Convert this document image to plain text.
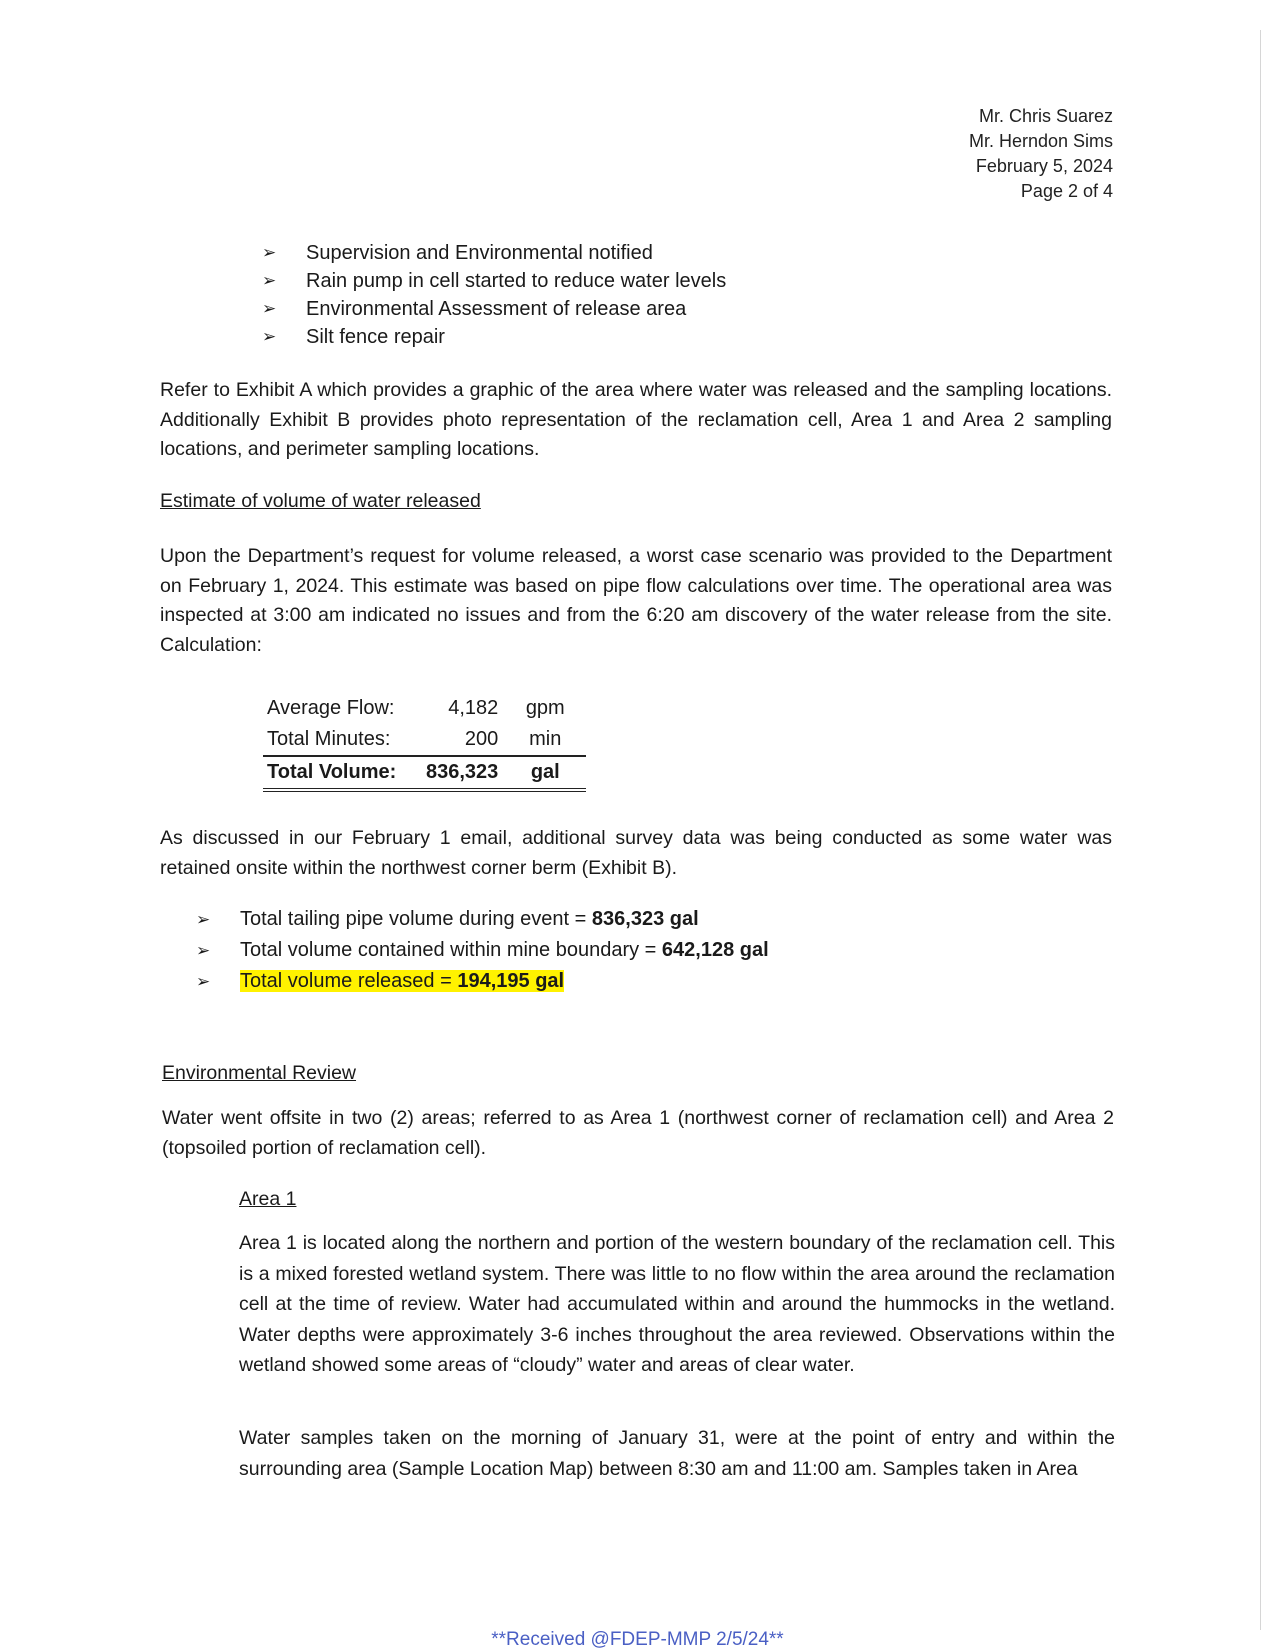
Mr. Chris Suarez
Mr. Herndon Sims
February 5, 2024
Page 2 of 4
➢ Supervision and Environmental notified
➢ Rain pump in cell started to reduce water levels
➢ Environmental Assessment of release area
➢ Silt fence repair

Refer to Exhibit A which provides a graphic of the area where water was released and the sampling locations. Additionally Exhibit B provides photo representation of the reclamation cell, Area 1 and Area 2 sampling locations, and perimeter sampling locations.

Estimate of volume of water released

Upon the Department’s request for volume released, a worst case scenario was provided to the Department on February 1, 2024. This estimate was based on pipe flow calculations over time. The operational area was inspected at 3:00 am indicated no issues and from the 6:20 am discovery of the water release from the site. Calculation:

Average Flow:	4,182	gpm
Total Minutes:	200	min
Total Volume:	836,323	gal

As discussed in our February 1 email, additional survey data was being conducted as some water was retained onsite within the northwest corner berm (Exhibit B).

➢ Total tailing pipe volume during event = 836,323 gal
➢ Total volume contained within mine boundary = 642,128 gal
➢ Total volume released = 194,195 gal

Environmental Review

Water went offsite in two (2) areas; referred to as Area 1 (northwest corner of reclamation cell) and Area 2 (topsoiled portion of reclamation cell).

Area 1

Area 1 is located along the northern and portion of the western boundary of the reclamation cell. This is a mixed forested wetland system. There was little to no flow within the area around the reclamation cell at the time of review. Water had accumulated within and around the hummocks in the wetland. Water depths were approximately 3-6 inches throughout the area reviewed. Observations within the wetland showed some areas of “cloudy” water and areas of clear water.

Water samples taken on the morning of January 31, were at the point of entry and within the surrounding area (Sample Location Map) between 8:30 am and 11:00 am. Samples taken in Area

**Received @FDEP-MMP 2/5/24**
